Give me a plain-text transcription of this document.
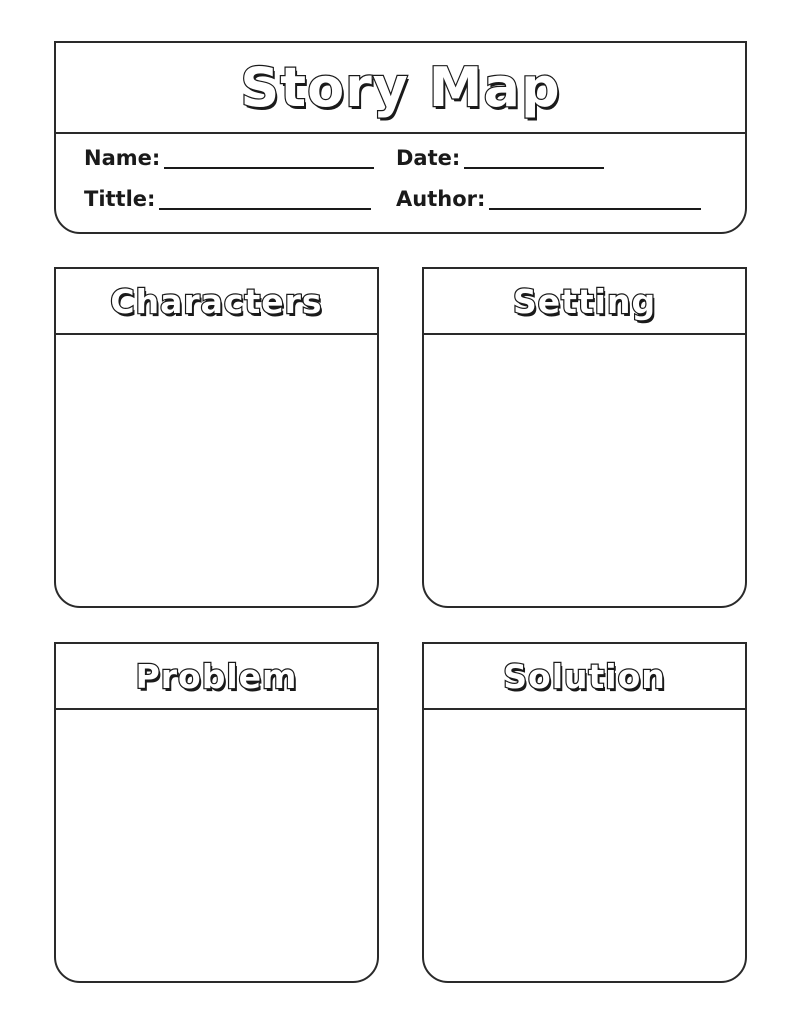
Story Map
Name:	Date:
Tittle:	Author:
Characters	Setting
Problem	Solution
